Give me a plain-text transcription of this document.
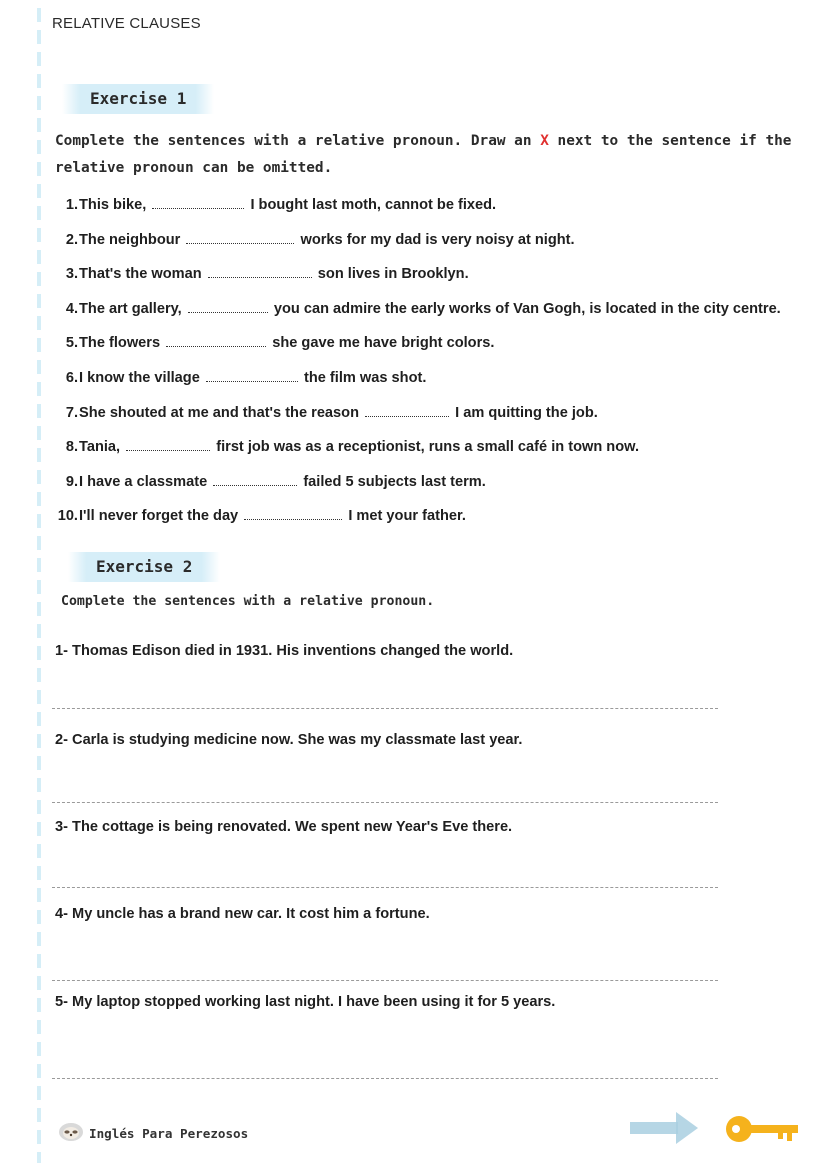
RELATIVE CLAUSES
Exercise 1
Complete the sentences with a relative pronoun. Draw an X next to the sentence if the relative pronoun can be omitted.
1.This bike,	I bought last moth, cannot be fixed.
2.The neighbour	works for my dad is very noisy at night.
3.That's the woman	son lives in Brooklyn.
4.The art gallery,	you can admire the early works of Van Gogh, is located in the city centre.
5.The flowers	she gave me have bright colors.
6.I know the village	the film was shot.
7.She shouted at me and that's the reason	I am quitting the job.
8.Tania,	first job was as a receptionist, runs a small café in town now.
9.I have a classmate	failed 5 subjects last term.
10.I'll never forget the day	I met your father.
Exercise 2
Complete the sentences with a relative pronoun.
1- Thomas Edison died in 1931. His inventions changed the world.
2- Carla is studying medicine now. She was my classmate last year.
3- The cottage is being renovated. We spent new Year's Eve there.
4- My uncle has a brand new car. It cost him a fortune.
5- My laptop stopped working last night. I have been using it for 5 years.
Inglés Para Perezosos
